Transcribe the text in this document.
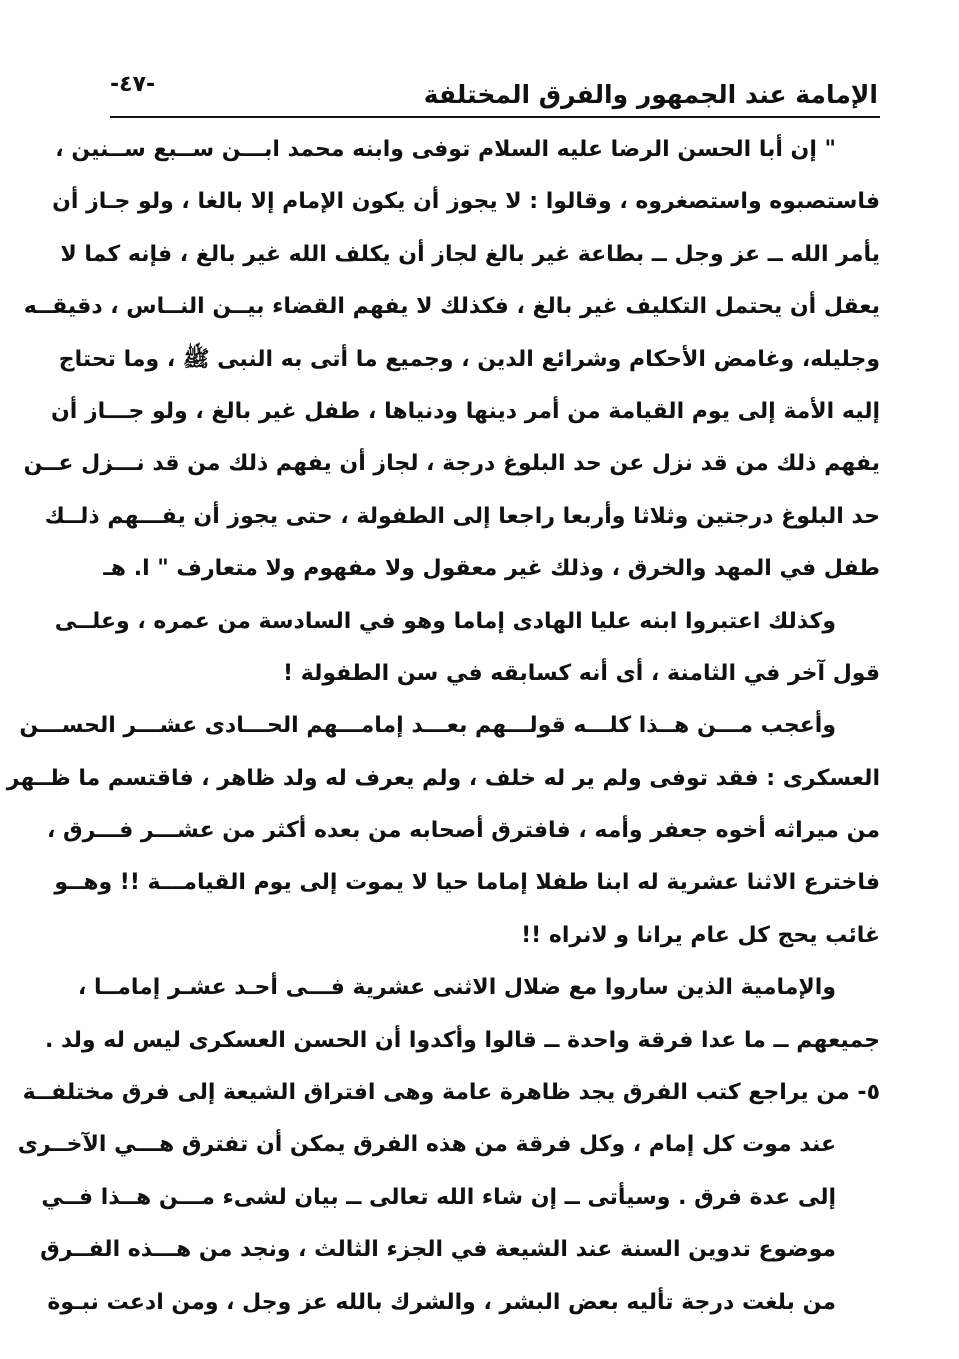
الإمامة عند الجمهور والفرق المختلفة
-٤٧-
" إن أبا الحسن الرضا عليه السلام توفى وابنه محمد ابـــن ســبع ســنين ،
فاستصبوه واستصغروه ، وقالوا : لا يجوز أن يكون الإمام إلا بالغا ، ولو جـاز أن
يأمر الله ــ عز وجل ــ بطاعة غير بالغ لجاز أن يكلف الله غير بالغ ، فإنه كما لا
يعقل أن يحتمل التكليف غير بالغ ، فكذلك لا يفهم القضاء بيــن النــاس ، دقيقــه
وجليله، وغامض الأحكام وشرائع الدين ، وجميع ما أتى به النبى ﷺ ، وما تحتاج
إليه الأمة إلى يوم القيامة من أمر دينها ودنياها ، طفل غير بالغ ، ولو جـــاز أن
يفهم ذلك من قد نزل عن حد البلوغ درجة ، لجاز أن يفهم ذلك من قد نـــزل عــن
حد البلوغ درجتين وثلاثا وأربعا راجعا إلى الطفولة ، حتى يجوز أن يفـــهم ذلــك
طفل في المهد والخرق ، وذلك غير معقول ولا مفهوم ولا متعارف " ا. هـ
وكذلك اعتبروا ابنه عليا الهادى إماما وهو في السادسة من عمره ، وعلــى
قول آخر في الثامنة ، أى أنه كسابقه في سن الطفولة !
وأعجب مـــن هــذا كلـــه قولـــهم بعـــد إمامـــهم الحـــادى عشـــر الحســـن
العسكرى : فقد توفى ولم ير له خلف ، ولم يعرف له ولد ظاهر ، فاقتسم ما ظــهر
من ميراثه أخوه جعفر وأمه ، فافترق أصحابه من بعده أكثر من عشـــر فـــرق ،
فاخترع الاثنا عشرية له ابنا طفلا إماما حيا لا يموت إلى يوم القيامـــة !! وهــو
غائب يحج كل عام يرانا و لانراه !!
والإمامية الذين ساروا مع ضلال الاثنى عشرية فـــى أحـد عشـر إمامــا ،
جميعهم ــ ما عدا فرقة واحدة ــ قالوا وأكدوا أن الحسن العسكرى ليس له ولد .
٥- من يراجع كتب الفرق يجد ظاهرة عامة وهى افتراق الشيعة إلى فرق مختلفــة
عند موت كل إمام ، وكل فرقة من هذه الفرق يمكن أن تفترق هـــي الآخــرى
إلى عدة فرق . وسيأتى ــ إن شاء الله تعالى ــ بيان لشىء مـــن هــذا فــي
موضوع تدوين السنة عند الشيعة في الجزء الثالث ، ونجد من هـــذه الفــرق
من بلغت درجة تأليه بعض البشر ، والشرك بالله عز وجل ، ومن ادعت نبـوة
